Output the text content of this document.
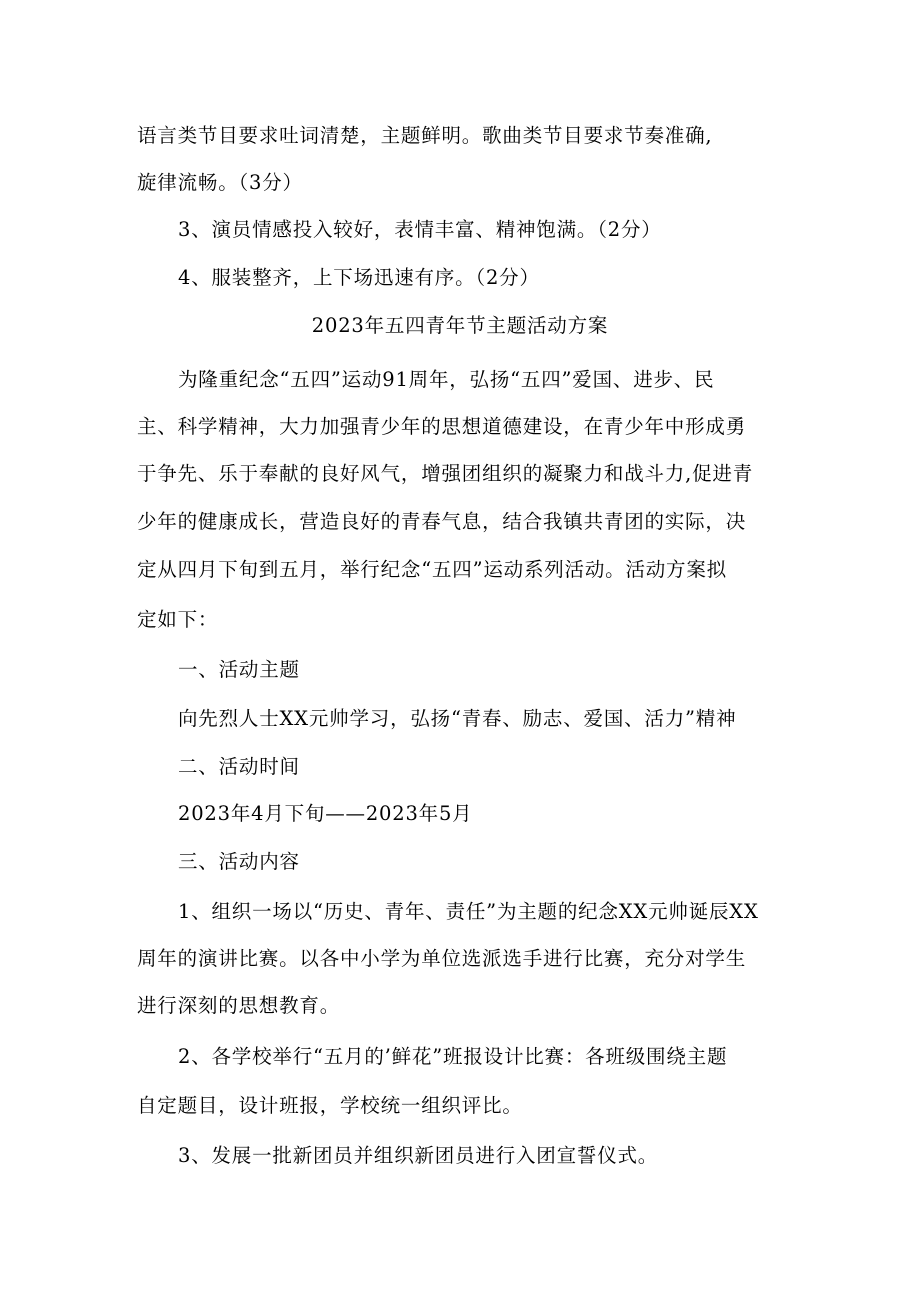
语言类节目要求吐词清楚，主题鲜明。歌曲类节目要求节奏准确,

旋律流畅。（3分）

3、演员情感投入较好，表情丰富、精神饱满。（2分）

4、服装整齐，上下场迅速有序。（2分）

2023年五四青年节主题活动方案

为隆重纪念“五四”运动91周年，弘扬“五四”爱国、进步、民

主、科学精神，大力加强青少年的思想道德建设，在青少年中形成勇

于争先、乐于奉献的良好风气，增强团组织的凝聚力和战斗力,促进青

少年的健康成长，营造良好的青春气息，结合我镇共青团的实际，决

定从四月下旬到五月，举行纪念“五四”运动系列活动。活动方案拟

定如下：

一、活动主题

向先烈人士XX元帅学习，弘扬“青春、励志、爱国、活力”精神

二、活动时间

2023年4月下旬——2023年5月

三、活动内容

1、组织一场以“历史、青年、责任”为主题的纪念XX元帅诞辰XX

周年的演讲比赛。以各中小学为单位选派选手进行比赛，充分对学生

进行深刻的思想教育。

2、各学校举行“五月的’鲜花”班报设计比赛：各班级围绕主题

自定题目，设计班报，学校统一组织评比。

3、发展一批新团员并组织新团员进行入团宣誓仪式。
